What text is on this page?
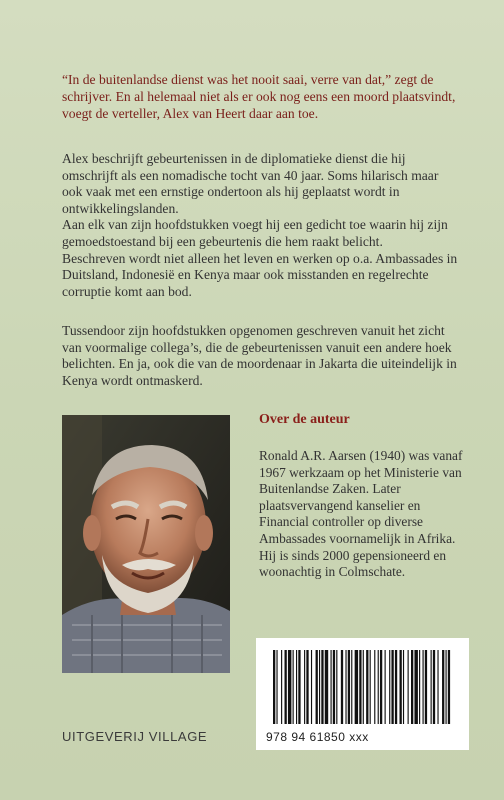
“In de buitenlandse dienst was het nooit saai, verre van dat,” zegt de schrijver. En al helemaal niet als er ook nog eens een moord plaatsvindt, voegt de verteller, Alex van Heert daar aan toe.
Alex beschrijft gebeurtenissen in de diplomatieke dienst die hij omschrijft als een nomadische tocht van 40 jaar. Soms hilarisch maar ook vaak met een ernstige ondertoon als hij geplaatst wordt in ontwikkelingslanden.
Aan elk van zijn hoofdstukken voegt hij een gedicht toe waarin hij zijn gemoedstoestand bij een gebeurtenis die hem raakt belicht.
Beschreven wordt niet alleen het leven en werken op o.a. Ambassades in Duitsland, Indonesië en Kenya maar ook misstanden en regelrechte corruptie komt aan bod.
Tussendoor zijn hoofdstukken opgenomen geschreven vanuit het zicht van voormalige collega’s, die de gebeurtenissen vanuit een andere hoek belichten. En ja, ook die van de moordenaar in Jakarta die uiteindelijk in Kenya wordt ontmaskerd.
Over de auteur
Ronald A.R. Aarsen (1940) was vanaf 1967 werkzaam op het Ministerie van Buitenlandse Zaken. Later plaatsvervangend kanselier en Financial controller op diverse Ambassades voornamelijk in Afrika. Hij is sinds 2000 gepensioneerd en woonachtig in Colmschate.
UITGEVERIJ VILLAGE	978 94 61850 xxx
